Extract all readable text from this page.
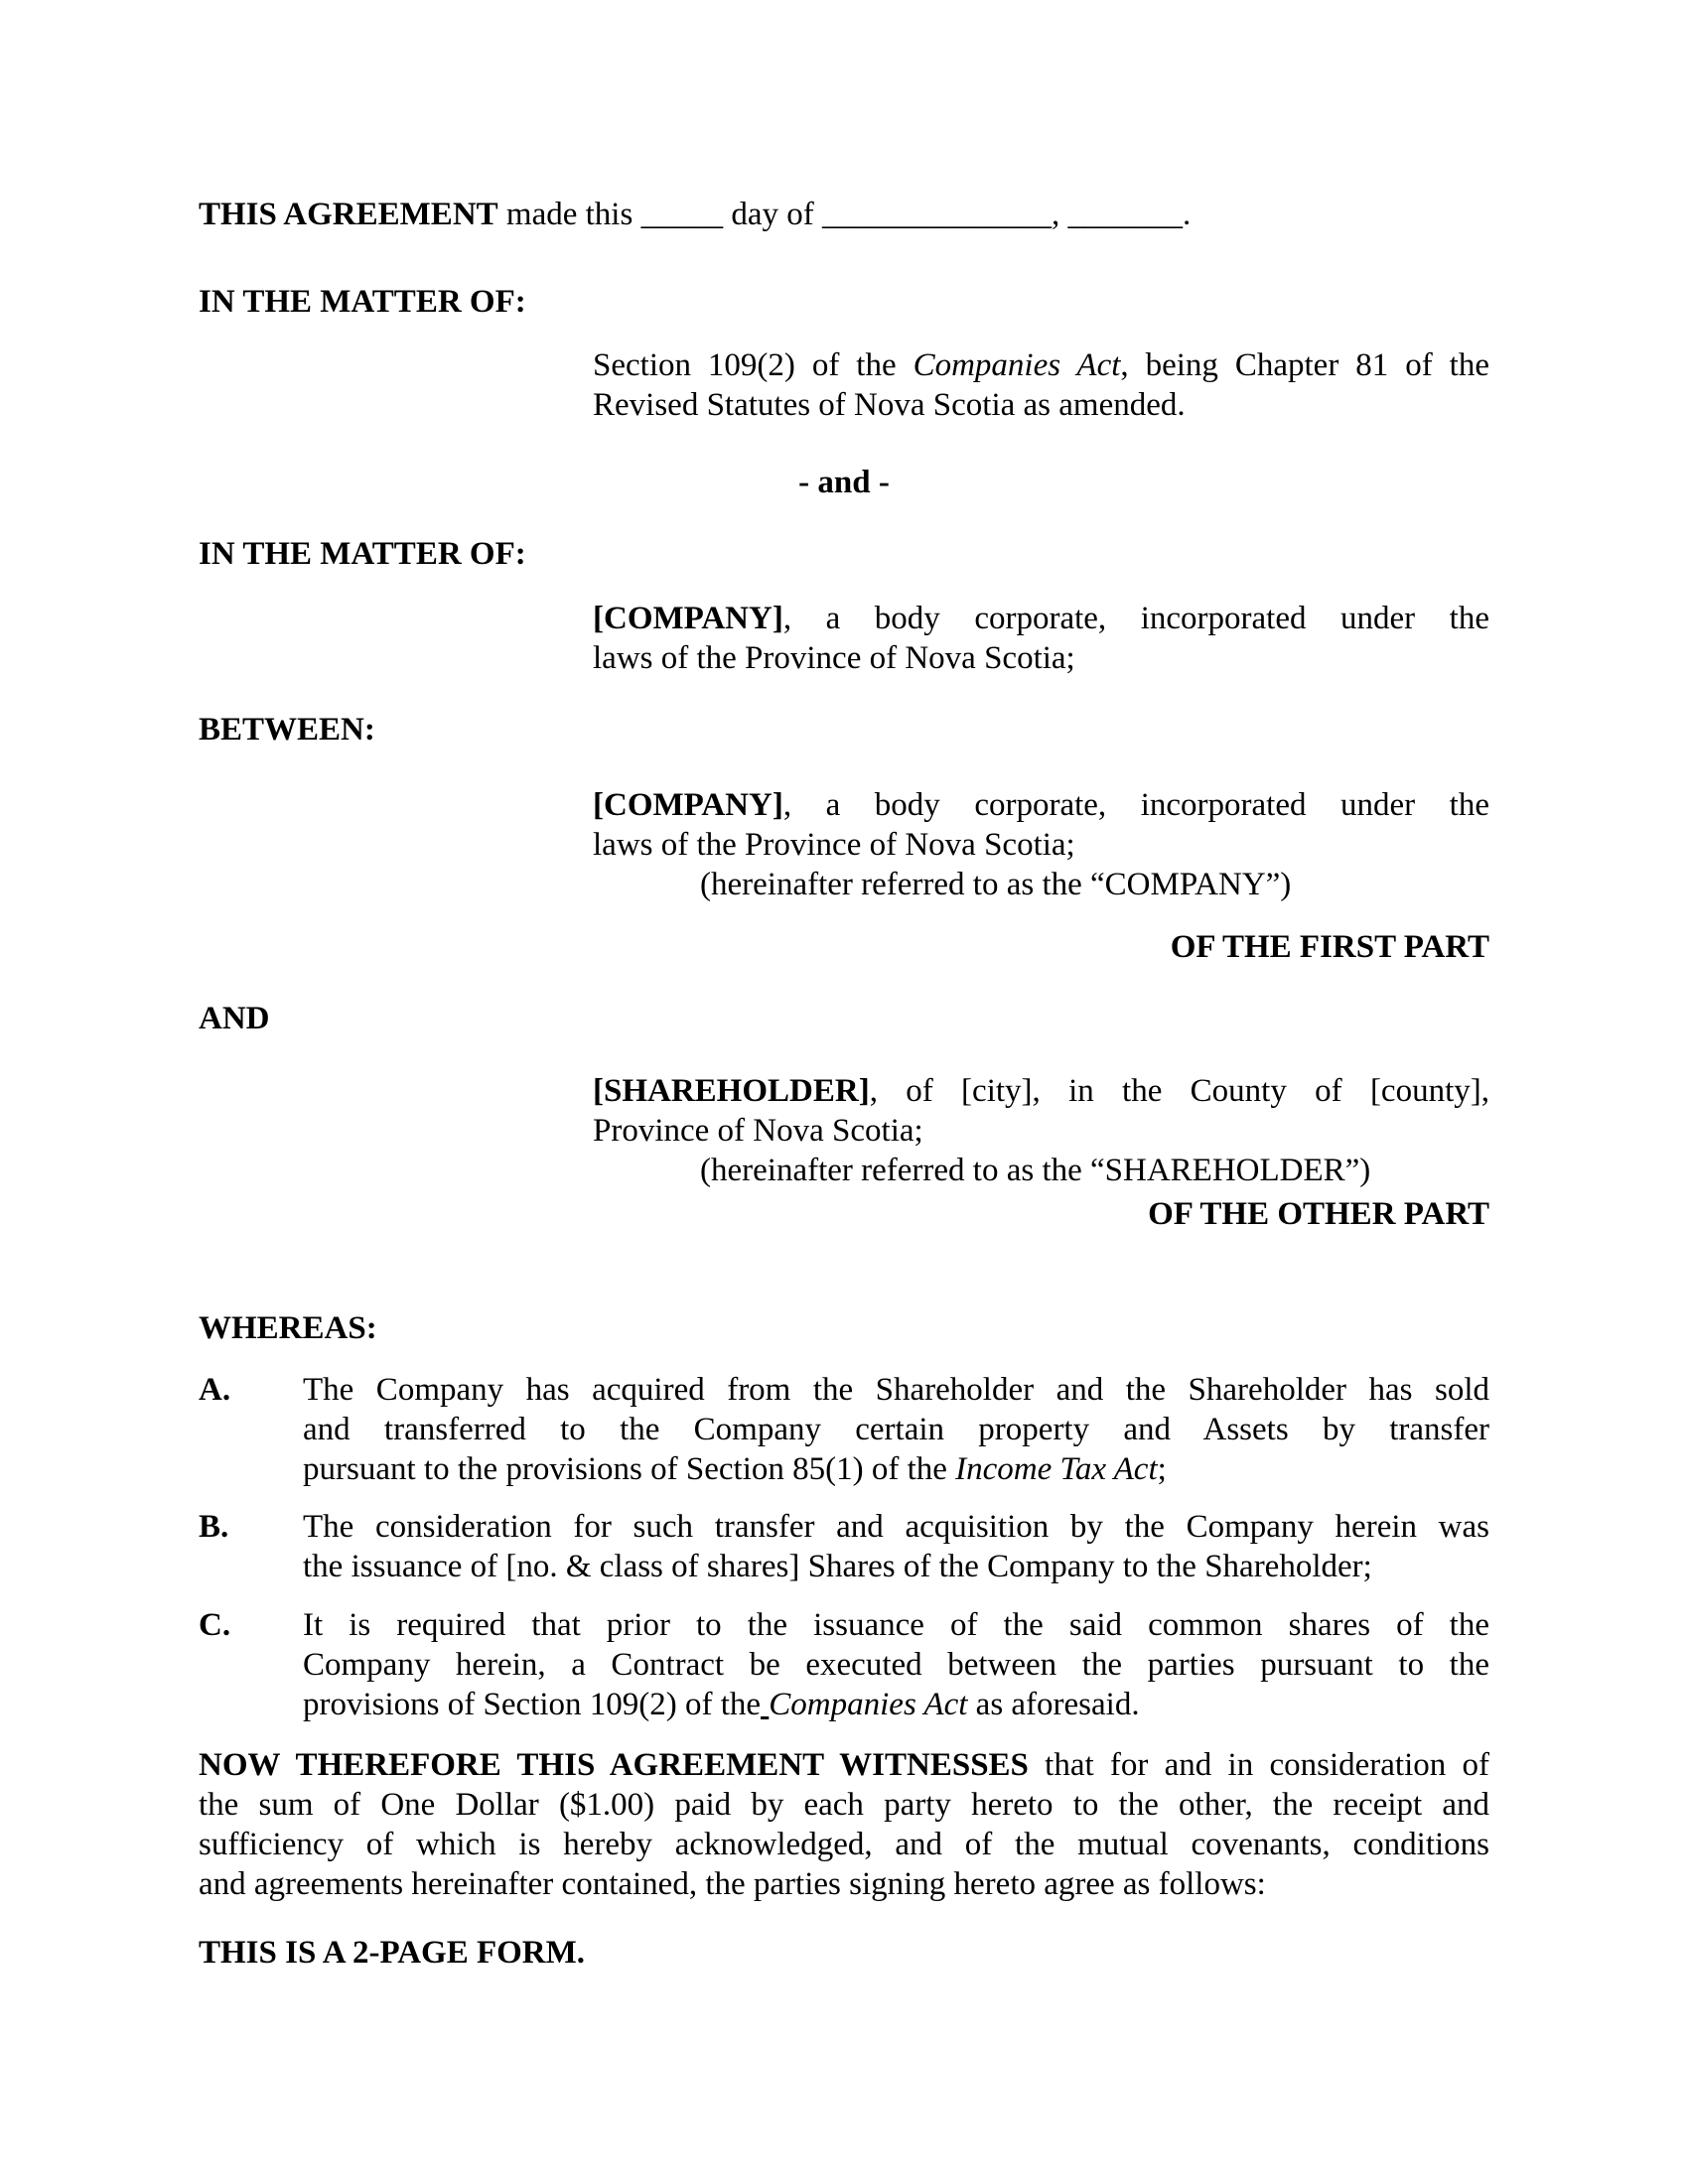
THIS AGREEMENT made this _____ day of ______________, _______.

IN THE MATTER OF:
Section 109(2) of the Companies Act, being Chapter 81 of the
Revised Statutes of Nova Scotia as amended.

- and -

IN THE MATTER OF:
[COMPANY], a body corporate, incorporated under the
laws of the Province of Nova Scotia;
BETWEEN:
[COMPANY], a body corporate, incorporated under the
laws of the Province of Nova Scotia;
(hereinafter referred to as the “COMPANY”)

OF THE FIRST PART

AND
[SHAREHOLDER], of [city], in the County of [county],
Province of Nova Scotia;
(hereinafter referred to as the “SHAREHOLDER”)

OF THE OTHER PART

WHEREAS:
A. The Company has acquired from the Shareholder and the Shareholder has sold
and transferred to the Company certain property and Assets by transfer
pursuant to the provisions of Section 85(1) of the Income Tax Act;
B. The consideration for such transfer and acquisition by the Company herein was
the issuance of [no. & class of shares] Shares of the Company to the Shareholder;
C. It is required that prior to the issuance of the said common shares of the
Company herein, a Contract be executed between the parties pursuant to the
provisions of Section 109(2) of the Companies Act as aforesaid.
NOW THEREFORE THIS AGREEMENT WITNESSES that for and in consideration of
the sum of One Dollar ($1.00) paid by each party hereto to the other, the receipt and
sufficiency of which is hereby acknowledged, and of the mutual covenants, conditions
and agreements hereinafter contained, the parties signing hereto agree as follows:

THIS IS A 2-PAGE FORM.
